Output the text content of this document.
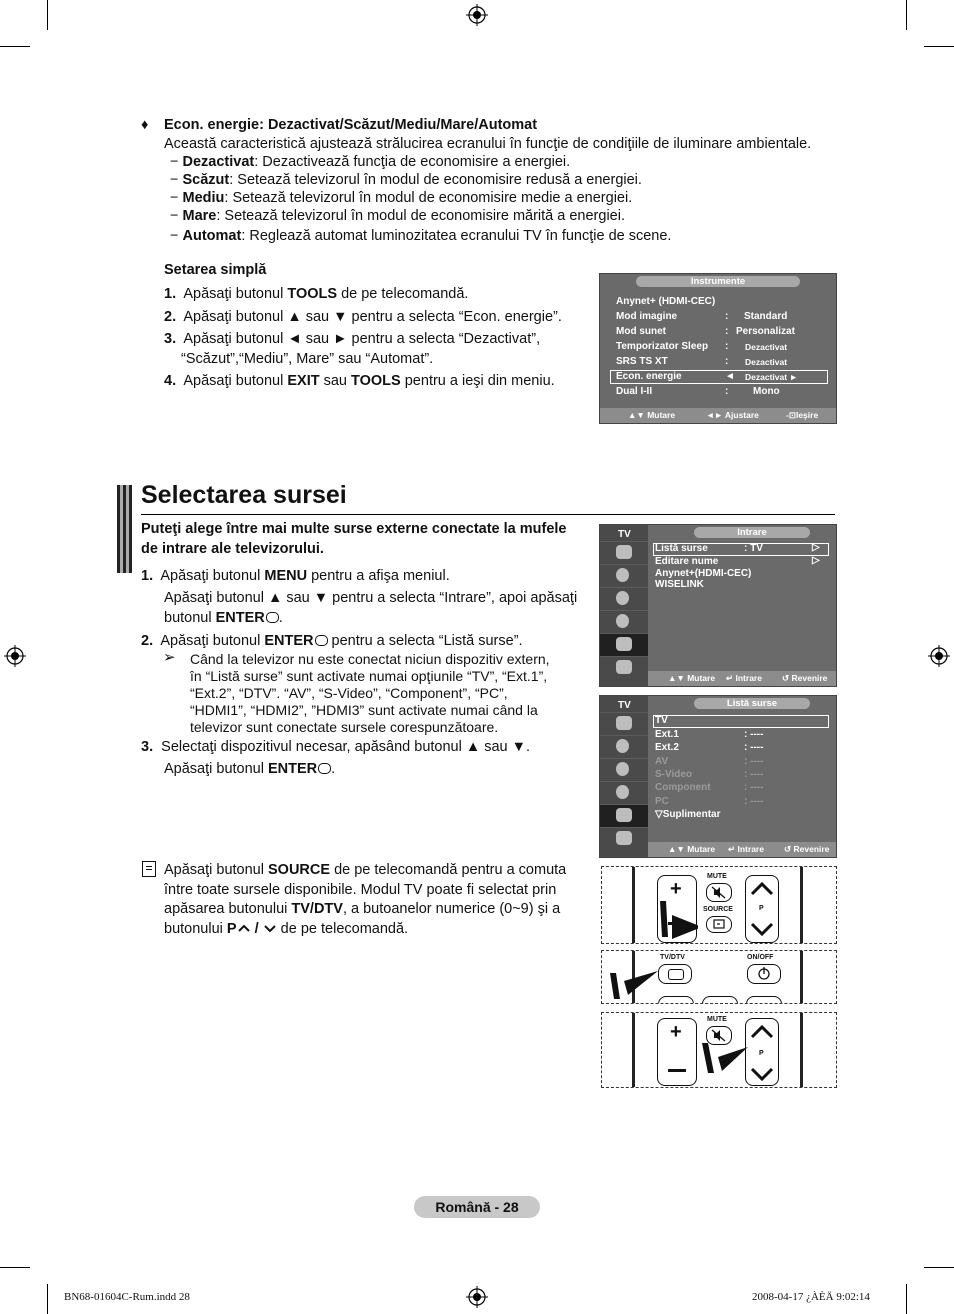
♦ Econ. energie: Dezactivat/Scăzut/Mediu/Mare/Automat
Această caracteristică ajustează strălucirea ecranului în funcţie de condiţiile de iluminare ambientale.
− Dezactivat: Dezactivează funcţia de economisire a energiei.
− Scăzut: Setează televizorul în modul de economisire redusă a energiei.
− Mediu: Setează televizorul în modul de economisire medie a energiei.
− Mare: Setează televizorul în modul de economisire mărită a energiei.
− Automat: Reglează automat luminozitatea ecranului TV în funcţie de scene.
Setarea simplă
1. Apăsaţi butonul TOOLS de pe telecomandă.
2. Apăsaţi butonul ▲ sau ▼ pentru a selecta “Econ. energie”.
3. Apăsaţi butonul ◄ sau ► pentru a selecta “Dezactivat”,
“Scăzut”,“Mediu”, Mare” sau “Automat”.
4. Apăsaţi butonul EXIT sau TOOLS pentru a ieşi din meniu.
Instrumente
Anynet+ (HDMI-CEC)
Mod imagine	: Standard
Mod sunet	: Personalizat
Temporizator Sleep : Dezactivat
SRS TS XT	: Dezactivat
Econ. energie	◄ Dezactivat ►
Dual I-II	: Mono
▲▼ Mutare	◄► Ajustare	-⊡Ieşire
Selectarea sursei
Puteţi alege între mai multe surse externe conectate la mufele
de intrare ale televizorului.
1. Apăsaţi butonul MENU pentru a afişa meniul.
Apăsaţi butonul ▲ sau ▼ pentru a selecta “Intrare”, apoi apăsaţi
butonul ENTER .
2. Apăsaţi butonul ENTER pentru a selecta “Listă surse”.
➢ Când la televizor nu este conectat niciun dispozitiv extern,
în “Listă surse” sunt activate numai opţiunile “TV”, “Ext.1”,
“Ext.2”, “DTV”. “AV”, “S-Video”, “Component”, “PC”,
“HDMI1”, “HDMI2”, ”HDMI3” sunt activate numai când la
televizor sunt conectate sursele corespunzătoare.
3. Selectaţi dispozitivul necesar, apăsând butonul ▲ sau ▼.
Apăsaţi butonul ENTER .
Apăsaţi butonul SOURCE de pe telecomandă pentru a comuta
între toate sursele disponibile. Modul TV poate fi selectat prin
apăsarea butonului TV/DTV, a butoanelor numerice (0~9) şi a
butonului P /  de pe telecomandă.
TV	Intrare
Listă surse	: TV	▷
Editare nume	▷
Anynet+(HDMI-CEC)
WISELINK
▲▼ Mutare ↵ Intrare ↺ Revenire
TV	Listă surse
TV
Ext.1	: ----
Ext.2	: ----
AV	: ----
S-Video	: ----
Component	: ----
PC	: ----
▽Suplimentar
▲▼ Mutare ↵ Intrare ↺ Revenire
+
MUTE
SOURCE	P
TV/DTV	ON/OFF
+
MUTE
P
Română - 28
BN68-01604C-Rum.indd 28	2008-04-17 ¿ÀÈÄ 9:02:14
